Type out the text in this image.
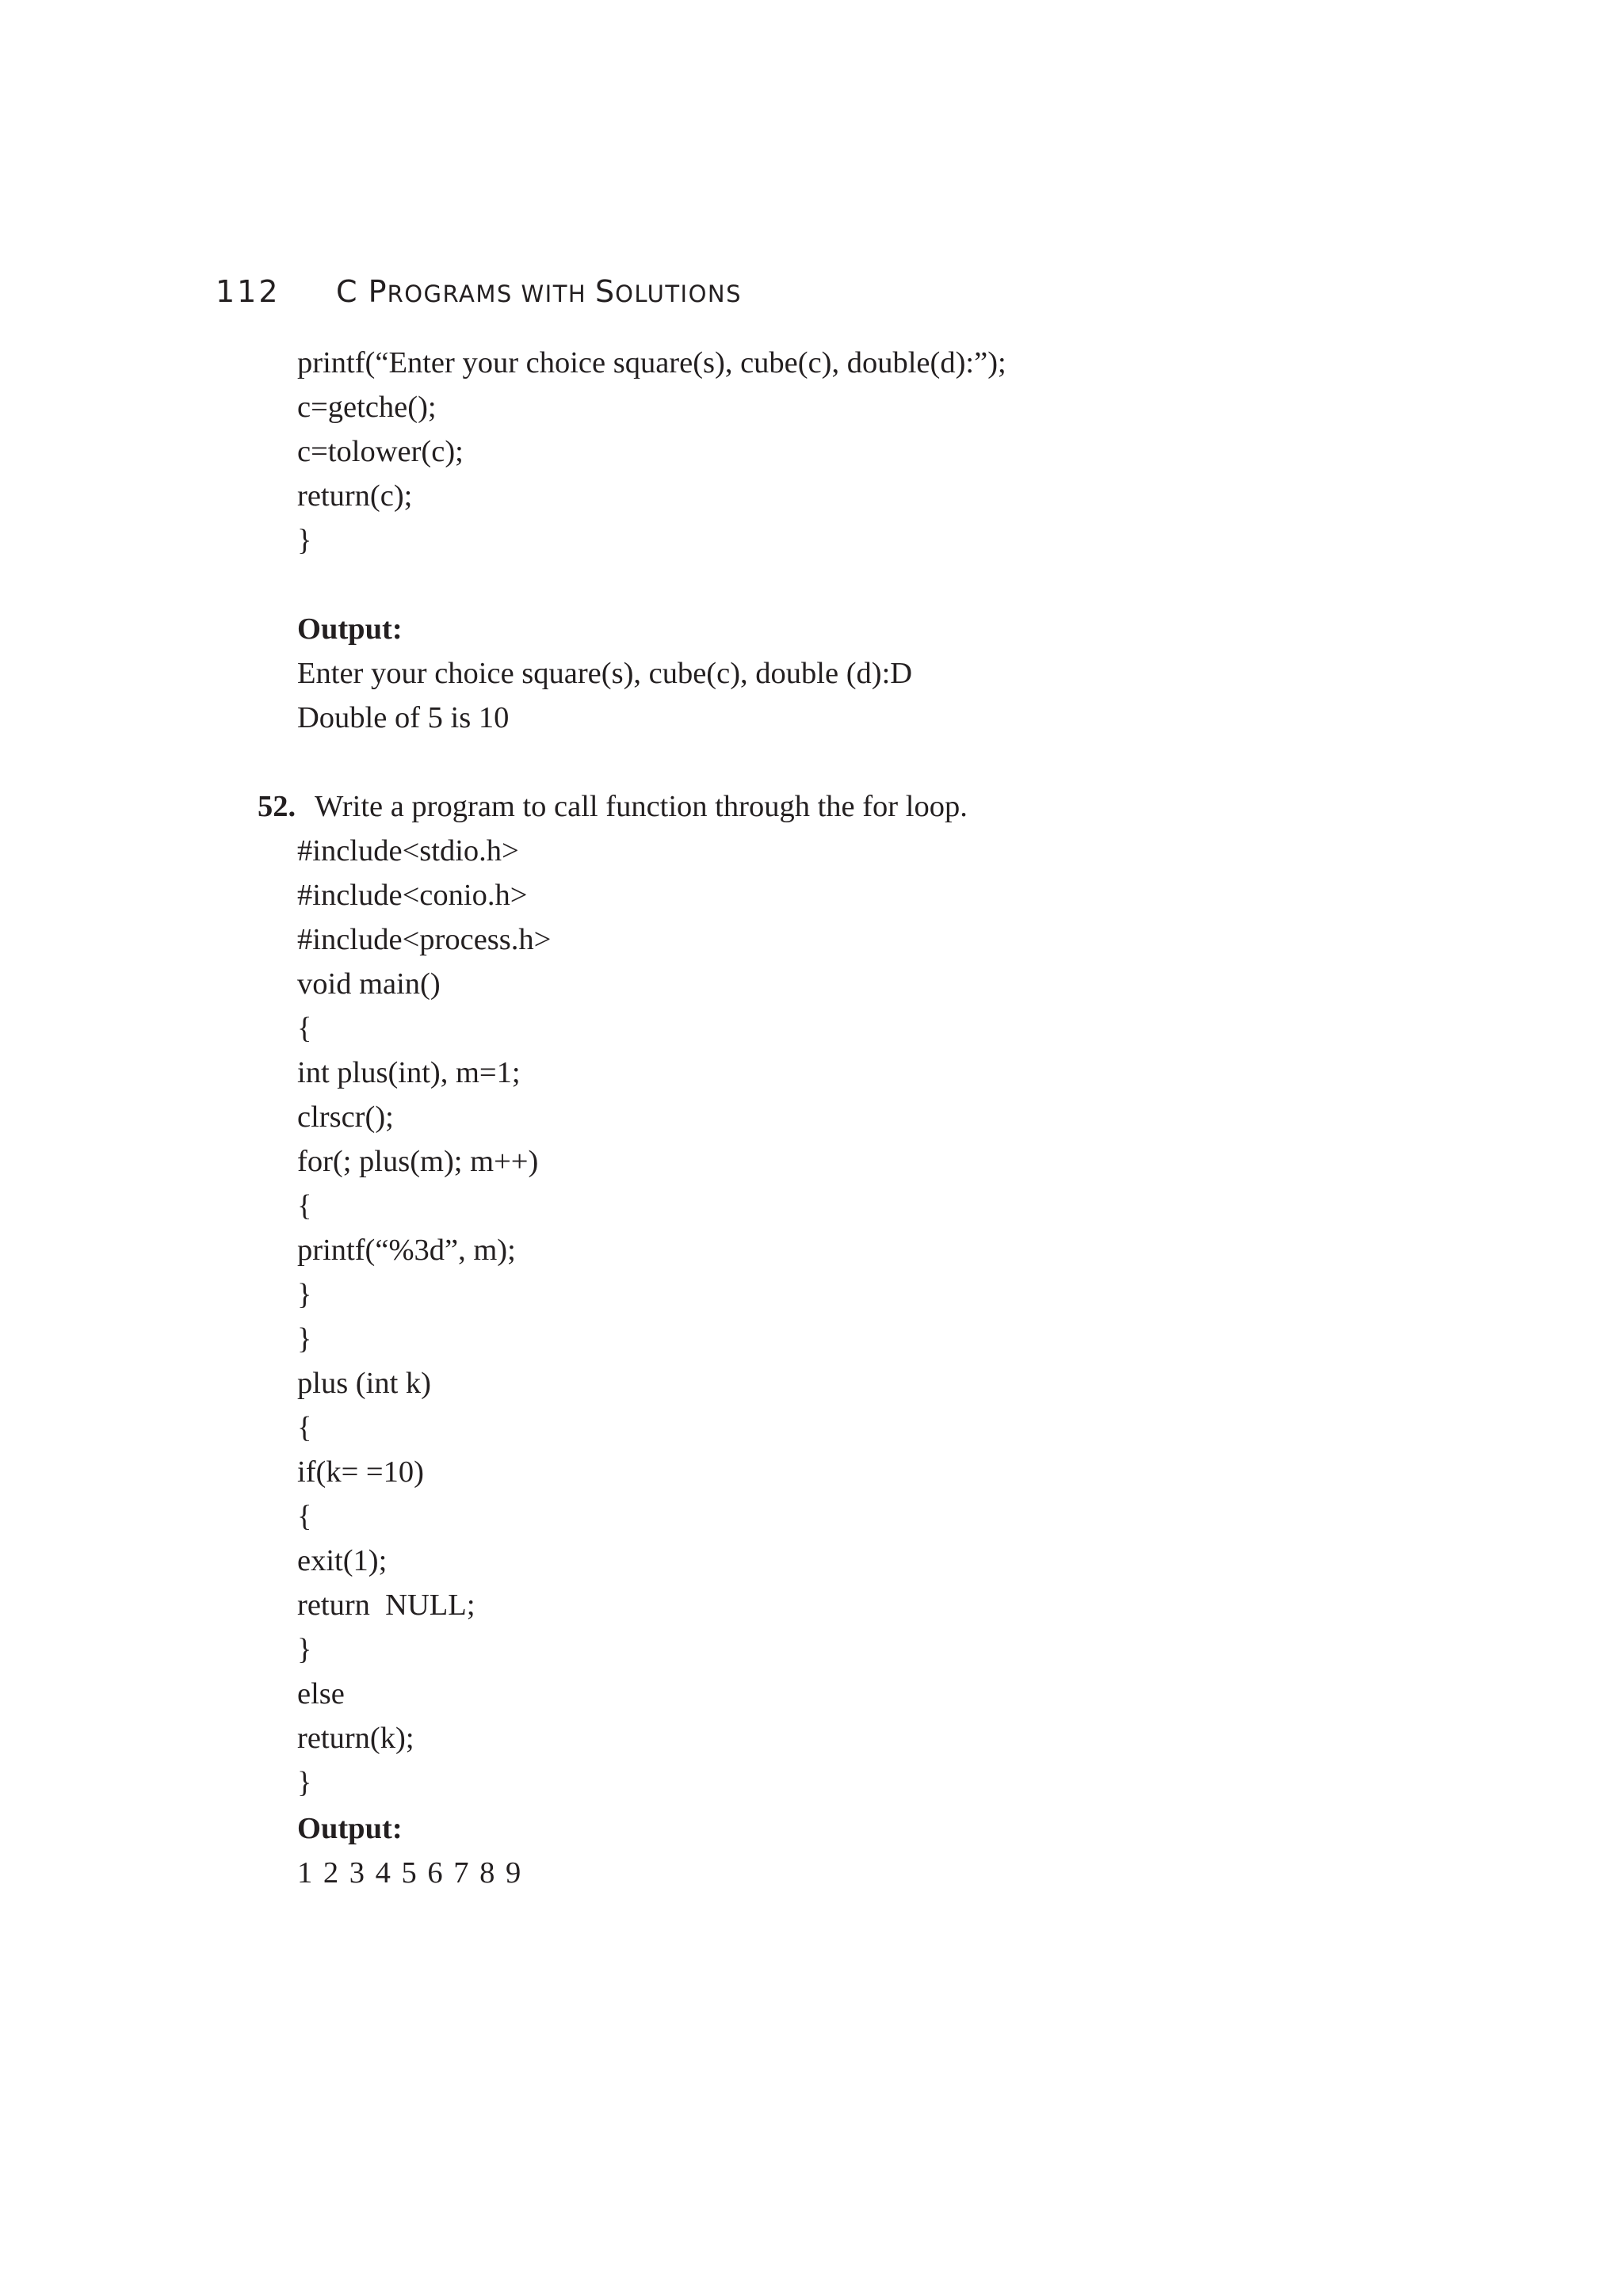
112	C PROGRAMS WITH SOLUTIONS
printf(“Enter your choice square(s), cube(c), double(d):”);
c=getche();
c=tolower(c);
return(c);
}
Output:
Enter your choice square(s), cube(c), double (d):D
Double of 5 is 10
52. Write a program to call function through the for loop.
#include<stdio.h>
#include<conio.h>
#include<process.h>
void main()
{
int plus(int), m=1;
clrscr();
for(; plus(m); m++)
{
printf(“%3d”, m);
}
}
plus (int k)
{
if(k= =10)
{
exit(1);
return  NULL;
}
else
return(k);
}
Output:
1 2 3 4 5 6 7 8 9
